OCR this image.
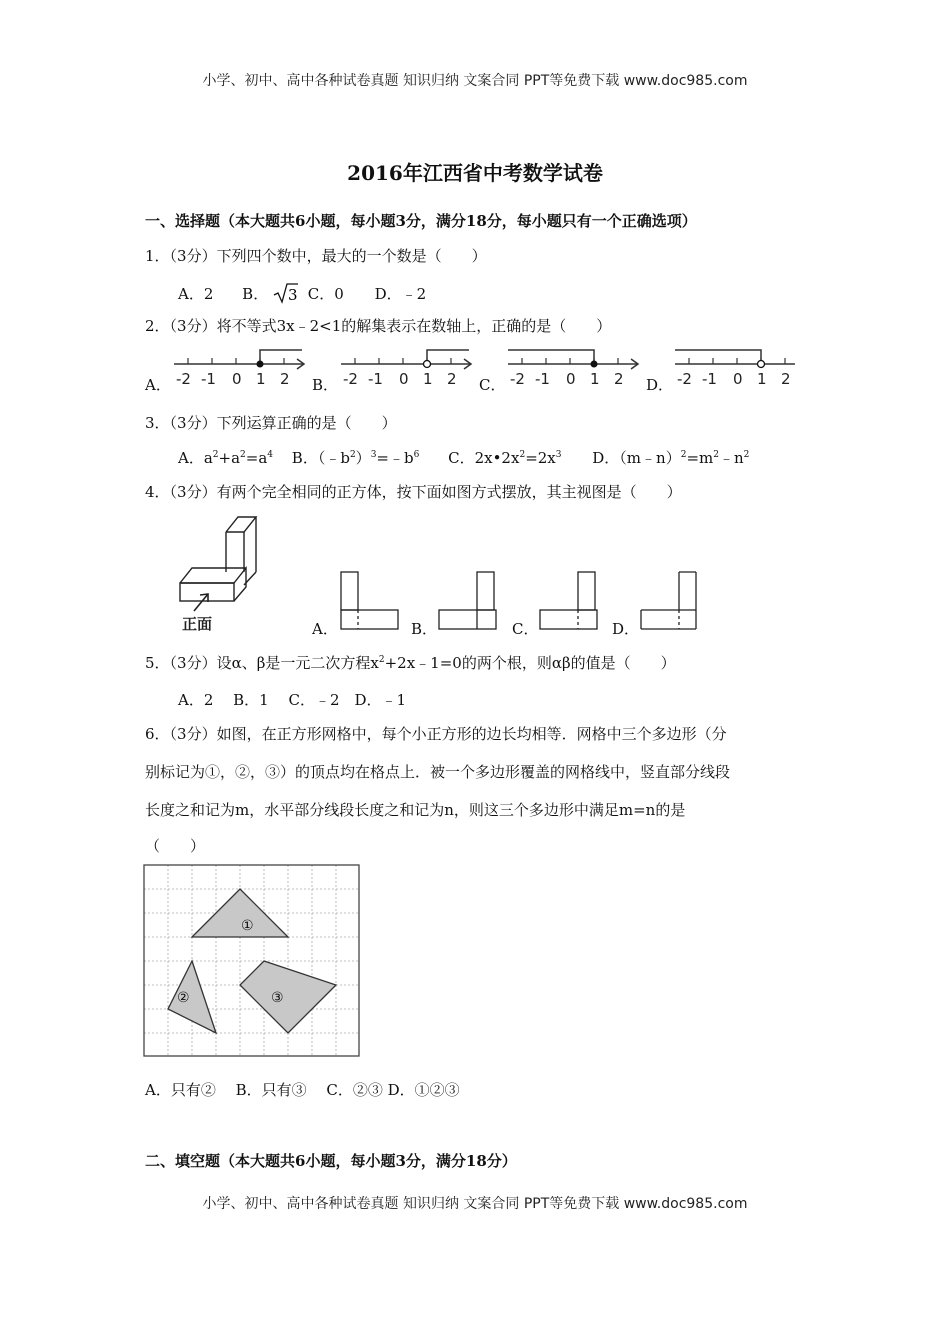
小学、初中、高中各种试卷真题 知识归纳 文案合同 PPT等免费下载 www.doc985.com
2016年江西省中考数学试卷
一、选择题（本大题共6小题，每小题3分，满分18分，每小题只有一个正确选项）
1．（3分）下列四个数中，最大的一个数是（　　）
A．2 B． 3 C．0 D．﹣2
2．（3分）将不等式3x﹣2<1的解集表示在数轴上，正确的是（　　）
A．	B．	C．	D．
-2 -1 0 1 2	-2 -1 0 1 2	-2 -1 0 1 2	-2 -1 0 1 2
3．（3分）下列运算正确的是（　　）
A．$a^2+a^2=a^4$ B．$(﹣b^2)^3=﹣b^6$ C．$2x•2x^2=2x^3$ D．$(m﹣n)^2=m^2﹣n^2$
4．（3分）有两个完全相同的正方体，按下面如图方式摆放，其主视图是（　　）
正面	A．	B．	C．	D．
5．（3分）设α、β是一元二次方程$x^2+2x﹣1=0$的两个根，则αβ的值是（　　）
A．2　 B．1　 C．﹣2　D．﹣1
6．（3分）如图，在正方形网格中，每个小正方形的边长均相等．网格中三个多边形（分
别标记为①，②，③）的顶点均在格点上．被一个多边形覆盖的网格线中，竖直部分线段
长度之和记为m，水平部分线段长度之和记为n，则这三个多边形中满足m=n的是
（　　）
①
②	③
A．只有②　 B．只有③　 C．②③ D．①②③
二、填空题（本大题共6小题，每小题3分，满分18分）
小学、初中、高中各种试卷真题 知识归纳 文案合同 PPT等免费下载 www.doc985.com
